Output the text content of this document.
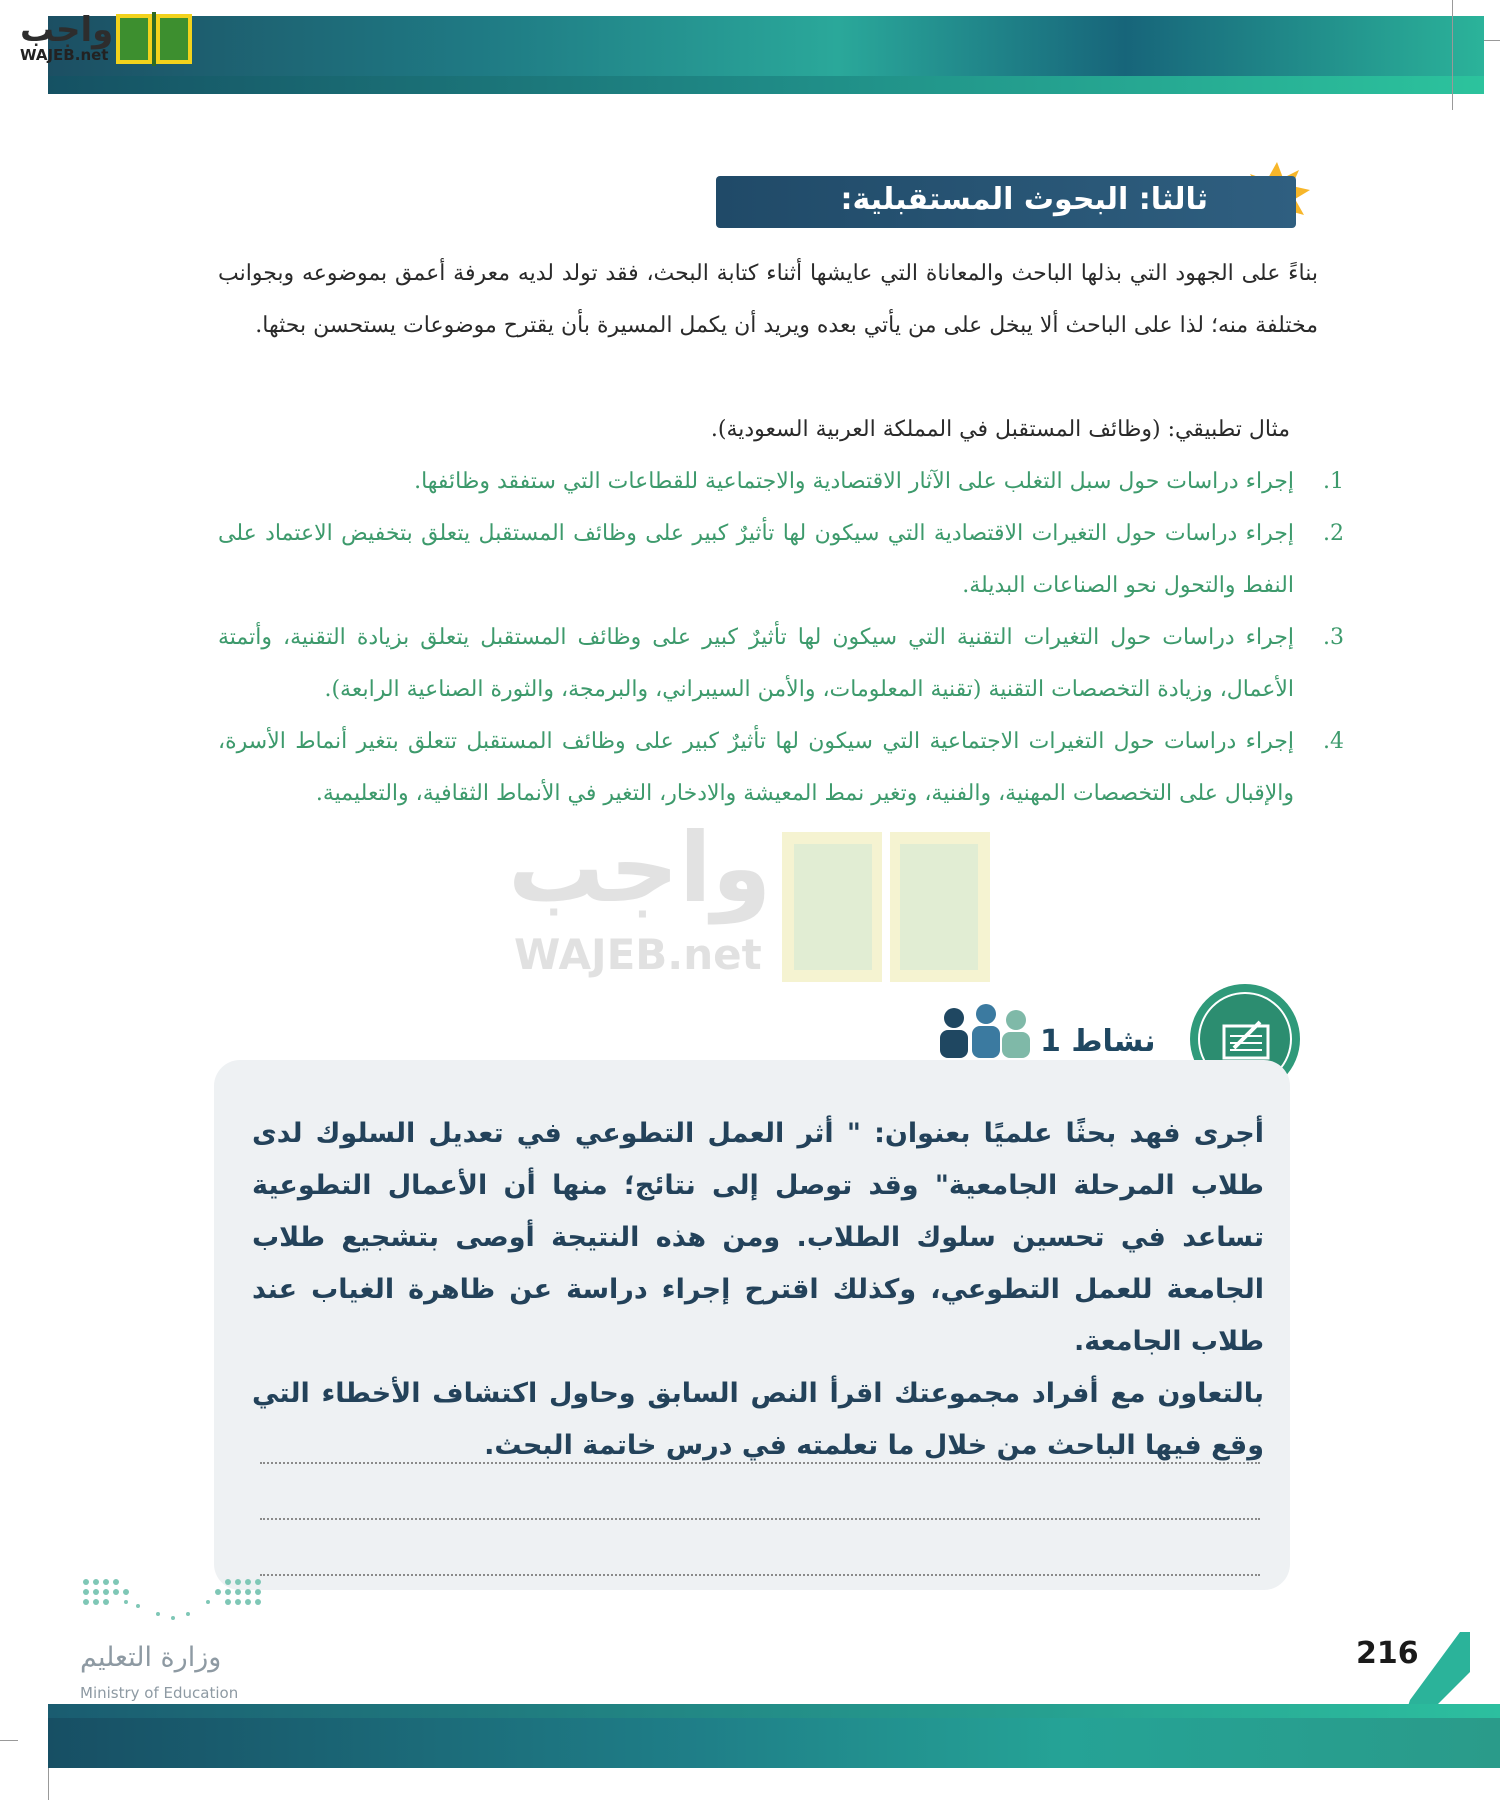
واجب
WAJEB.net
ثالثا: البحوث المستقبلية:
بناءً على الجهود التي بذلها الباحث والمعاناة التي عايشها أثناء كتابة البحث، فقد تولد لديه معرفة أعمق بموضوعه وبجوانب مختلفة منه؛ لذا على الباحث ألا يبخل على من يأتي بعده ويريد أن يكمل المسيرة بأن يقترح موضوعات يستحسن بحثها.
مثال تطبيقي: (وظائف المستقبل في المملكة العربية السعودية).
1.
إجراء دراسات حول سبل التغلب على الآثار الاقتصادية والاجتماعية للقطاعات التي ستفقد وظائفها.
2.
إجراء دراسات حول التغيرات الاقتصادية التي سيكون لها تأثيرٌ كبير على وظائف المستقبل يتعلق بتخفيض الاعتماد على النفط والتحول نحو الصناعات البديلة.
3.
إجراء دراسات حول التغيرات التقنية التي سيكون لها تأثيرٌ كبير على وظائف المستقبل يتعلق بزيادة التقنية، وأتمتة الأعمال، وزيادة التخصصات التقنية (تقنية المعلومات، والأمن السيبراني، والبرمجة، والثورة الصناعية الرابعة).
4.
إجراء دراسات حول التغيرات الاجتماعية التي سيكون لها تأثيرٌ كبير على وظائف المستقبل تتعلق بتغير أنماط الأسرة، والإقبال على التخصصات المهنية، والفنية، وتغير نمط المعيشة والادخار، التغير في الأنماط الثقافية، والتعليمية.
واجب
WAJEB.net
نشاط 1
أجرى فهد بحثًا علميًا بعنوان: " أثر العمل التطوعي في تعديل السلوك لدى طلاب المرحلة الجامعية" وقد توصل إلى نتائج؛ منها أن الأعمال التطوعية تساعد في تحسين سلوك الطلاب. ومن هذه النتيجة أوصى بتشجيع طلاب الجامعة للعمل التطوعي، وكذلك اقترح إجراء دراسة عن ظاهرة الغياب عند طلاب الجامعة.
بالتعاون مع أفراد مجموعتك اقرأ النص السابق وحاول اكتشاف الأخطاء التي وقع فيها الباحث من خلال ما تعلمته في درس خاتمة البحث.
وزارة التعليم
Ministry of Education
216
